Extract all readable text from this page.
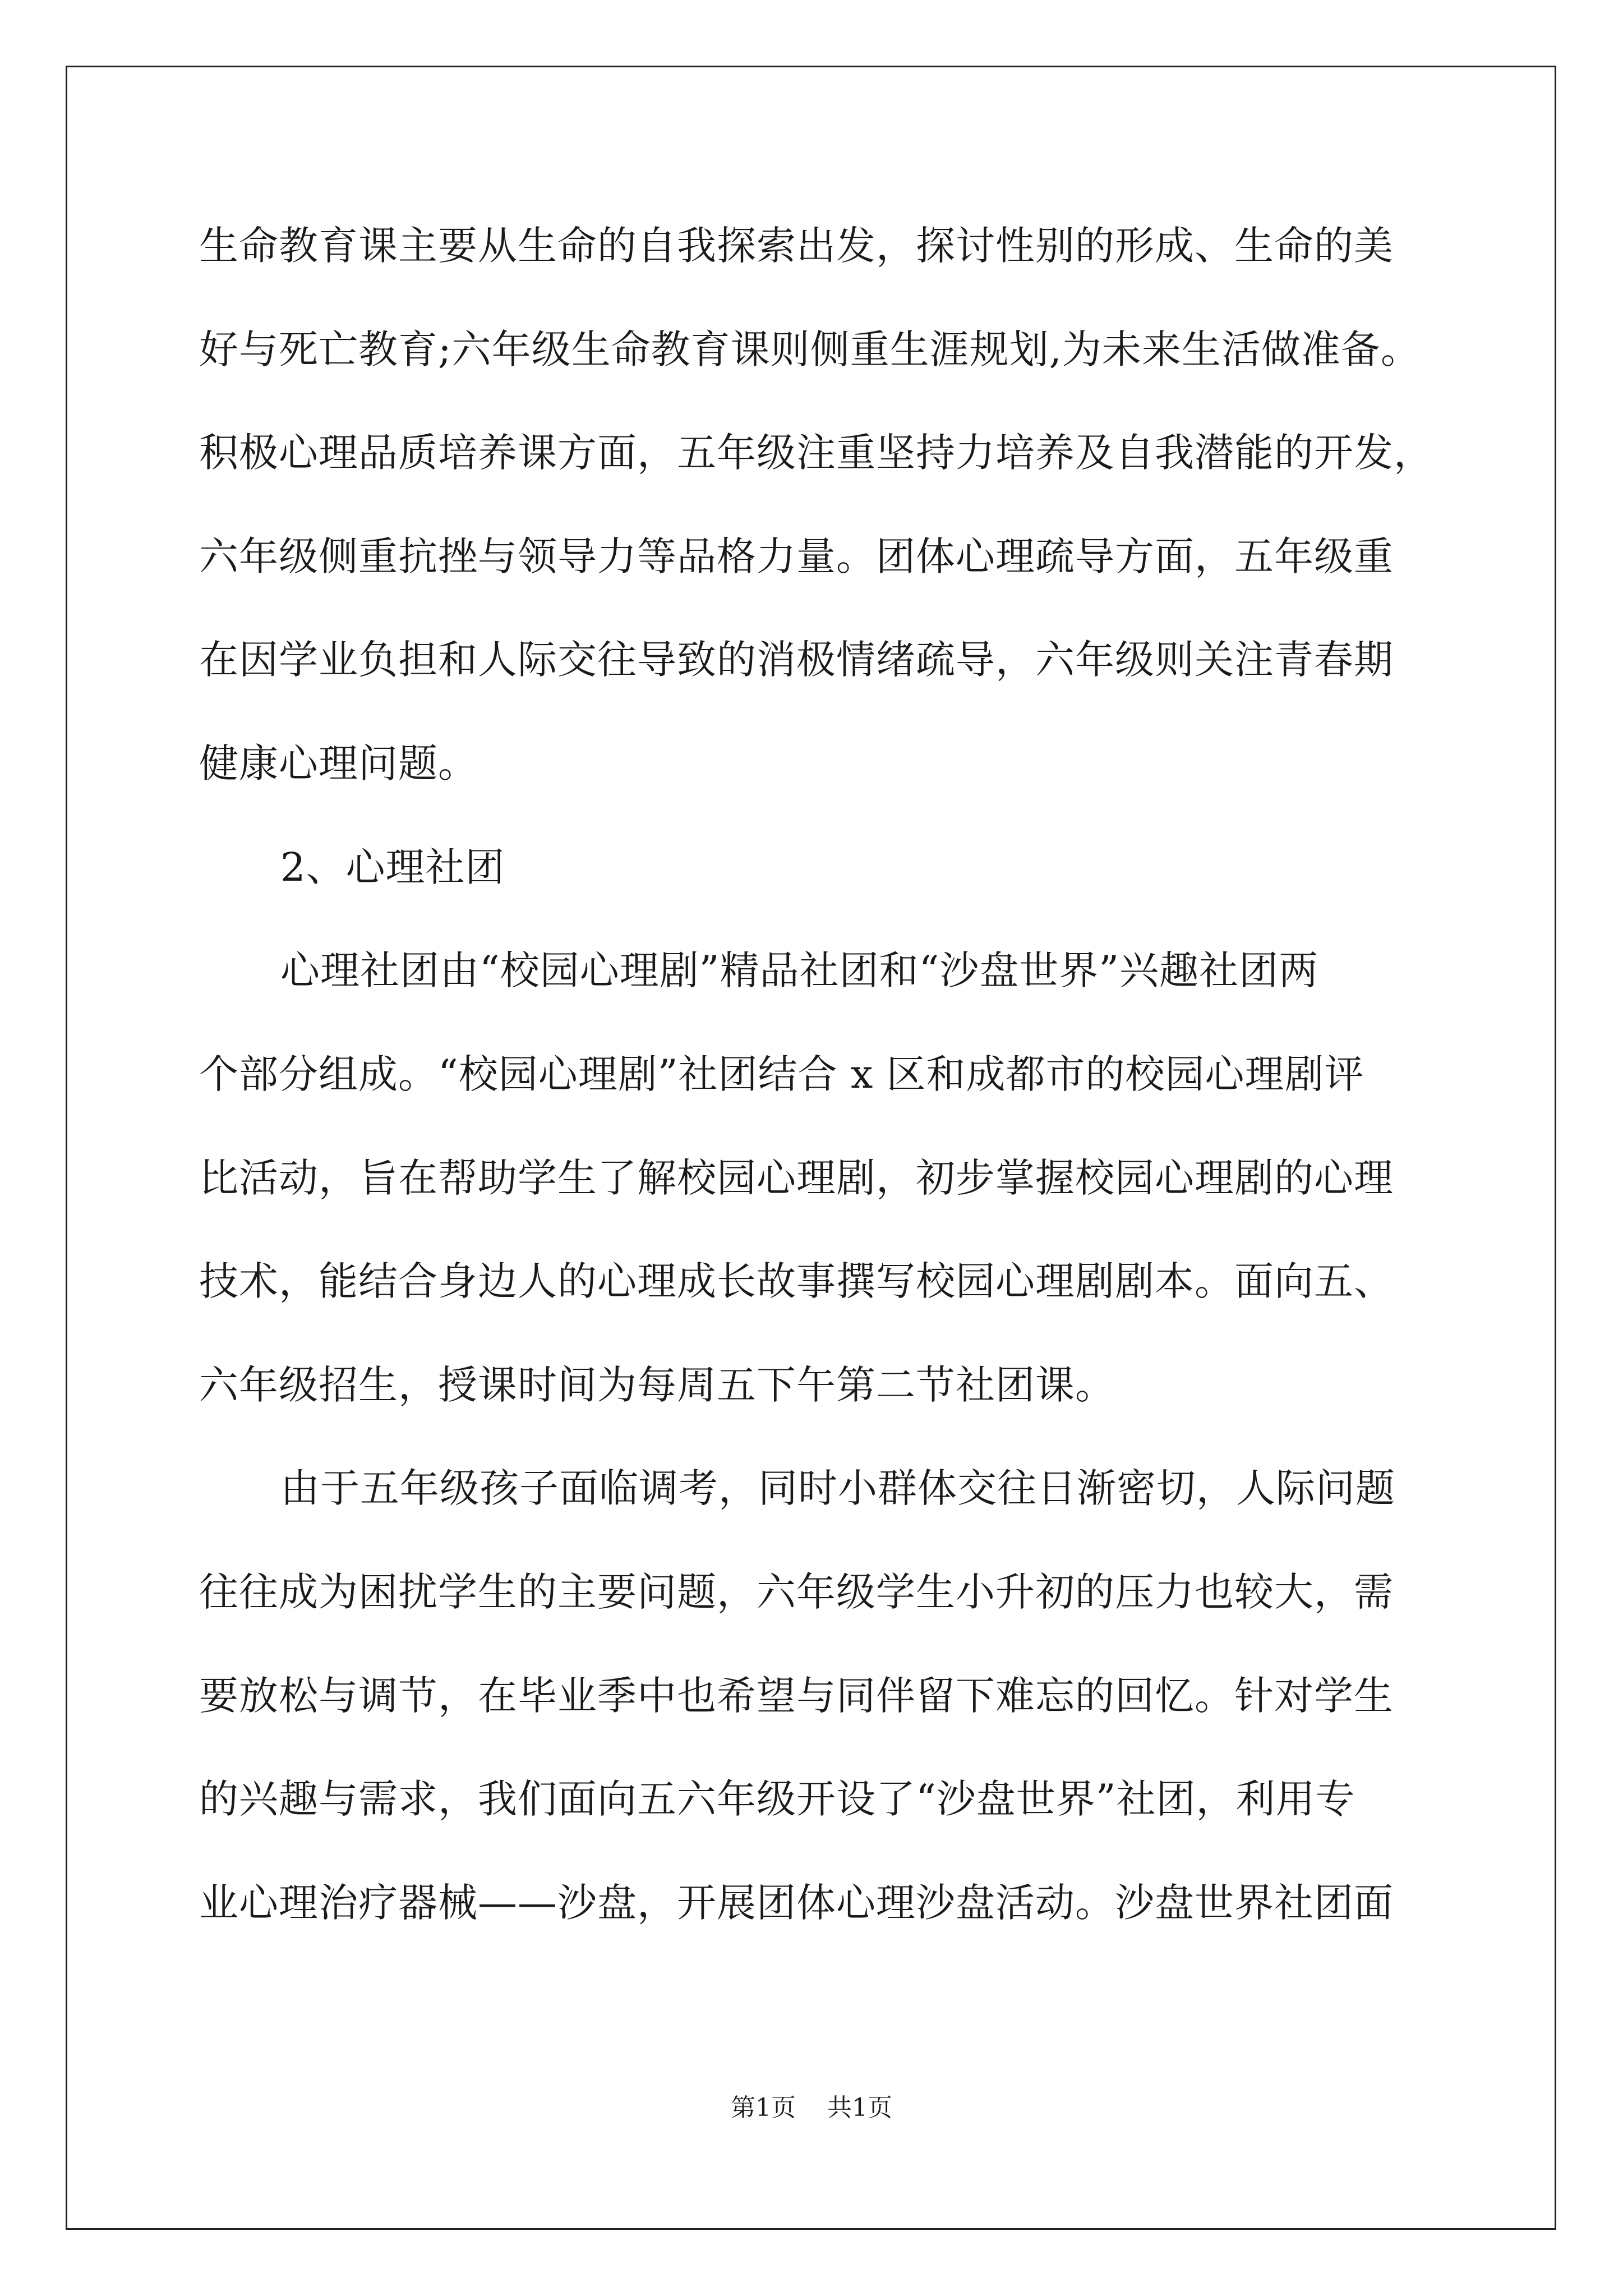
生命教育课主要从生命的自我探索出发，探讨性别的形成、生命的美
好与死亡教育;六年级生命教育课则侧重生涯规划,为未来生活做准备。
积极心理品质培养课方面，五年级注重坚持力培养及自我潜能的开发，
六年级侧重抗挫与领导力等品格力量。团体心理疏导方面，五年级重
在因学业负担和人际交往导致的消极情绪疏导，六年级则关注青春期
健康心理问题。
2、心理社团
心理社团由“校园心理剧”精品社团和“沙盘世界”兴趣社团两
个部分组成。“校园心理剧”社团结合 x 区和成都市的校园心理剧评
比活动，旨在帮助学生了解校园心理剧，初步掌握校园心理剧的心理
技术，能结合身边人的心理成长故事撰写校园心理剧剧本。面向五、
六年级招生，授课时间为每周五下午第二节社团课。
由于五年级孩子面临调考，同时小群体交往日渐密切，人际问题
往往成为困扰学生的主要问题，六年级学生小升初的压力也较大，需
要放松与调节，在毕业季中也希望与同伴留下难忘的回忆。针对学生
的兴趣与需求，我们面向五六年级开设了“沙盘世界”社团，利用专
业心理治疗器械——沙盘，开展团体心理沙盘活动。沙盘世界社团面
第1页 共1页
